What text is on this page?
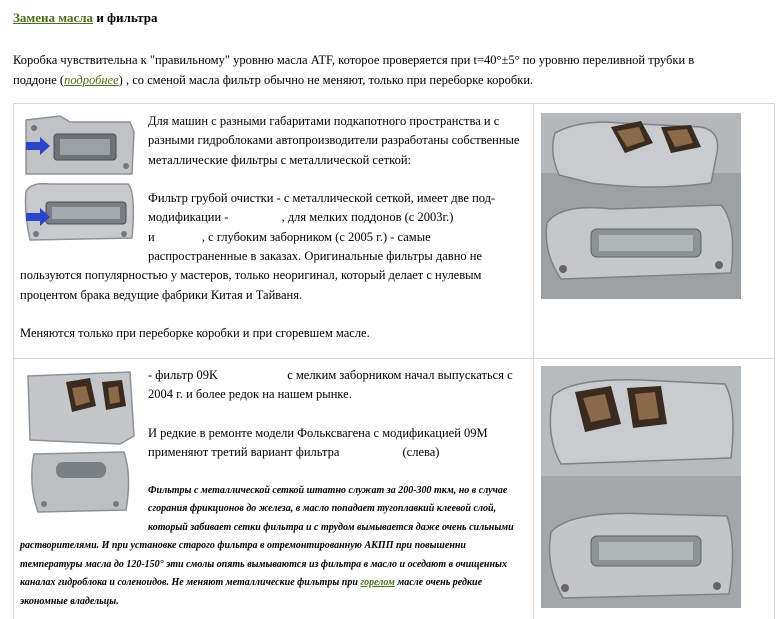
Замена масла и фильтра
Коробка чувствительна к "правильному" уровню масла ATF, которое проверяется при t=40°±5° по уровню переливной трубки в поддоне (подробнее) , со сменой масла фильтр обычно не меняют, только при переборке коробки.

Для машин с разными габаритами подкапотного пространства и с разными гидроблоками автопроизводители разработаны собственные металлические фильтры с металлической сеткой:

Фильтр грубой очистки - с металлической сеткой, имеет две под-модификации -	, для мелких поддонов (с 2003г.)
и	, с глубоким заборником (с 2005 г.) - самые распространенные в заказах. Оригинальные фильтры давно не пользуются популярностью у мастеров, только неоригинал, который делает с нулевым процентом брака ведущие фабрики Китая и Тайваня.

Меняются только при переборке коробки и при сгоревшем масле.

- фильтр 09K	с мелким заборником начал выпускаться с 2004 г. и более редок на нашем рынке.

И редкие в ремонте модели Фольксвагена с модификацией 09M применяют третий вариант фильтра	(слева)

Фильтры с металлической сеткой штатно служат за 200-300 ткм, но в случае сгорания фрикционов до железа, в масло попадает тугоплавкий клеевой слой, который забивает сетки фильтра и с трудом вымывается даже очень сильными растворителями. И при установке старого фильтра в отремонтированную АКПП при повышенни температуры масла до 120-150° эти смолы опять вымываются из фильтра в масло и оседают в очищенных каналах гидроблока и соленоидов. Не меняют металлические фильтры при горелом масле очень редкие экономные владельцы.
